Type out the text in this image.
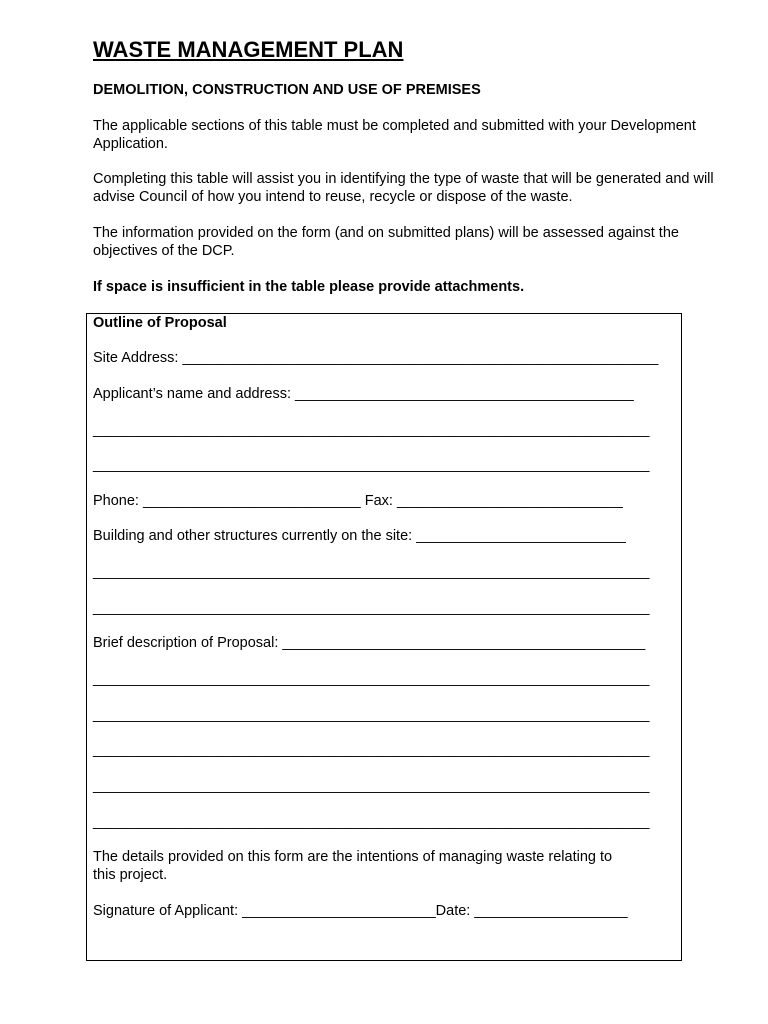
WASTE MANAGEMENT PLAN
DEMOLITION, CONSTRUCTION AND USE OF PREMISES

The applicable sections of this table must be completed and submitted with your Development Application.

Completing this table will assist you in identifying the type of waste that will be generated and will advise Council of how you intend to reuse, recycle or dispose of the waste.

The information provided on the form (and on submitted plans) will be assessed against the objectives of the DCP.

If space is insufficient in the table please provide attachments.

Outline of Proposal

Site Address: ___________________________________________________________

Applicant’s name and address: __________________________________________

_____________________________________________________________________

_____________________________________________________________________

Phone: ___________________________ Fax: ____________________________

Building and other structures currently on the site: __________________________

_____________________________________________________________________

_____________________________________________________________________

Brief description of Proposal: _____________________________________________

_____________________________________________________________________

_____________________________________________________________________

_____________________________________________________________________

_____________________________________________________________________

_____________________________________________________________________

The details provided on this form are the intentions of managing waste relating to

this project.

Signature of Applicant: ________________________Date: ___________________
